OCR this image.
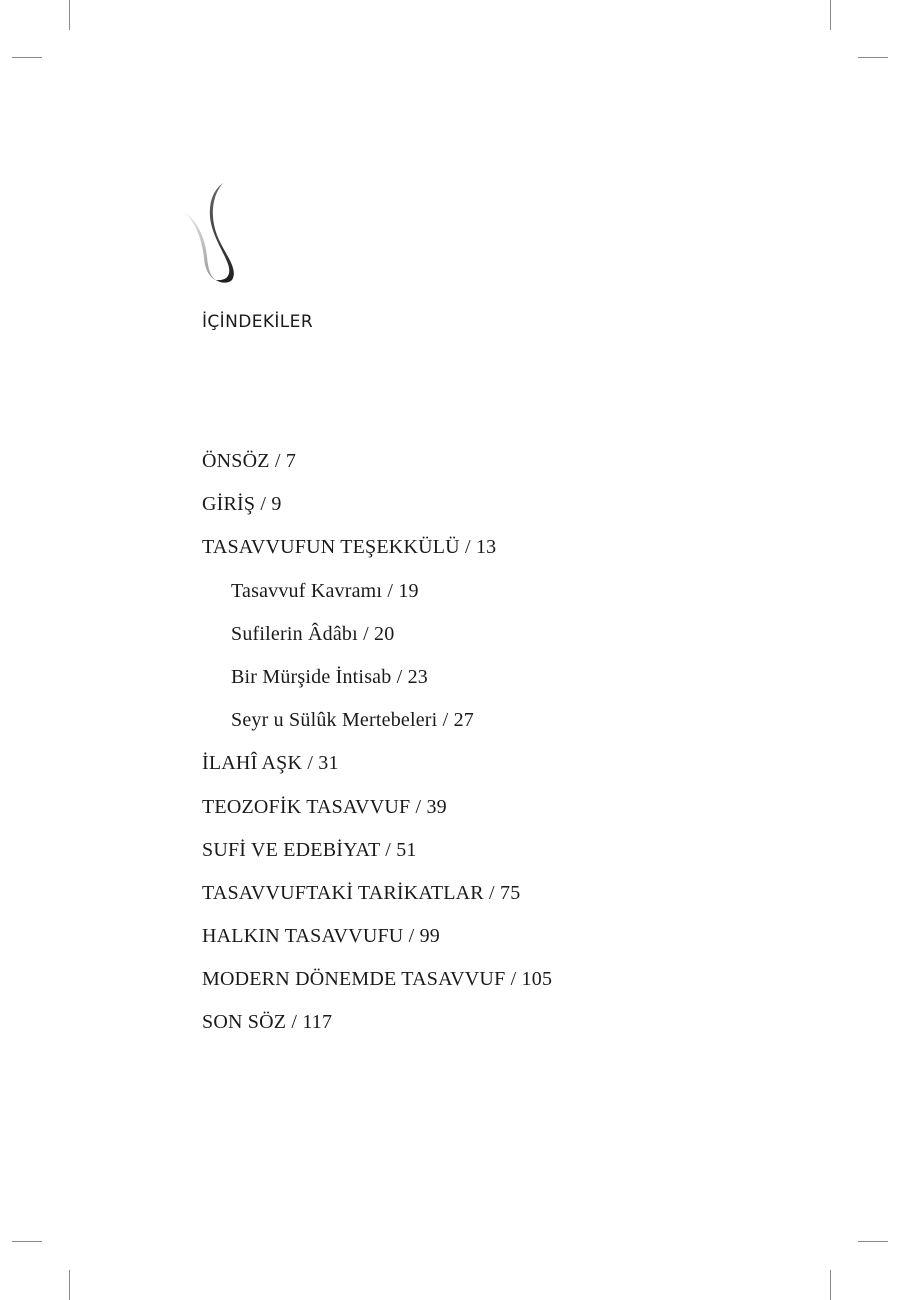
İÇİNDEKİLER
ÖNSÖZ / 7
GİRİŞ / 9
TASAVVUFUN TEŞEKKÜLÜ / 13
Tasavvuf Kavramı / 19
Sufilerin Âdâbı / 20
Bir Mürşide İntisab / 23
Seyr u Sülûk Mertebeleri / 27
İLAHÎ AŞK / 31
TEOZOFİK TASAVVUF / 39
SUFİ VE EDEBİYAT / 51
TASAVVUFTAKİ TARİKATLAR / 75
HALKIN TASAVVUFU / 99
MODERN DÖNEMDE TASAVVUF / 105
SON SÖZ / 117
